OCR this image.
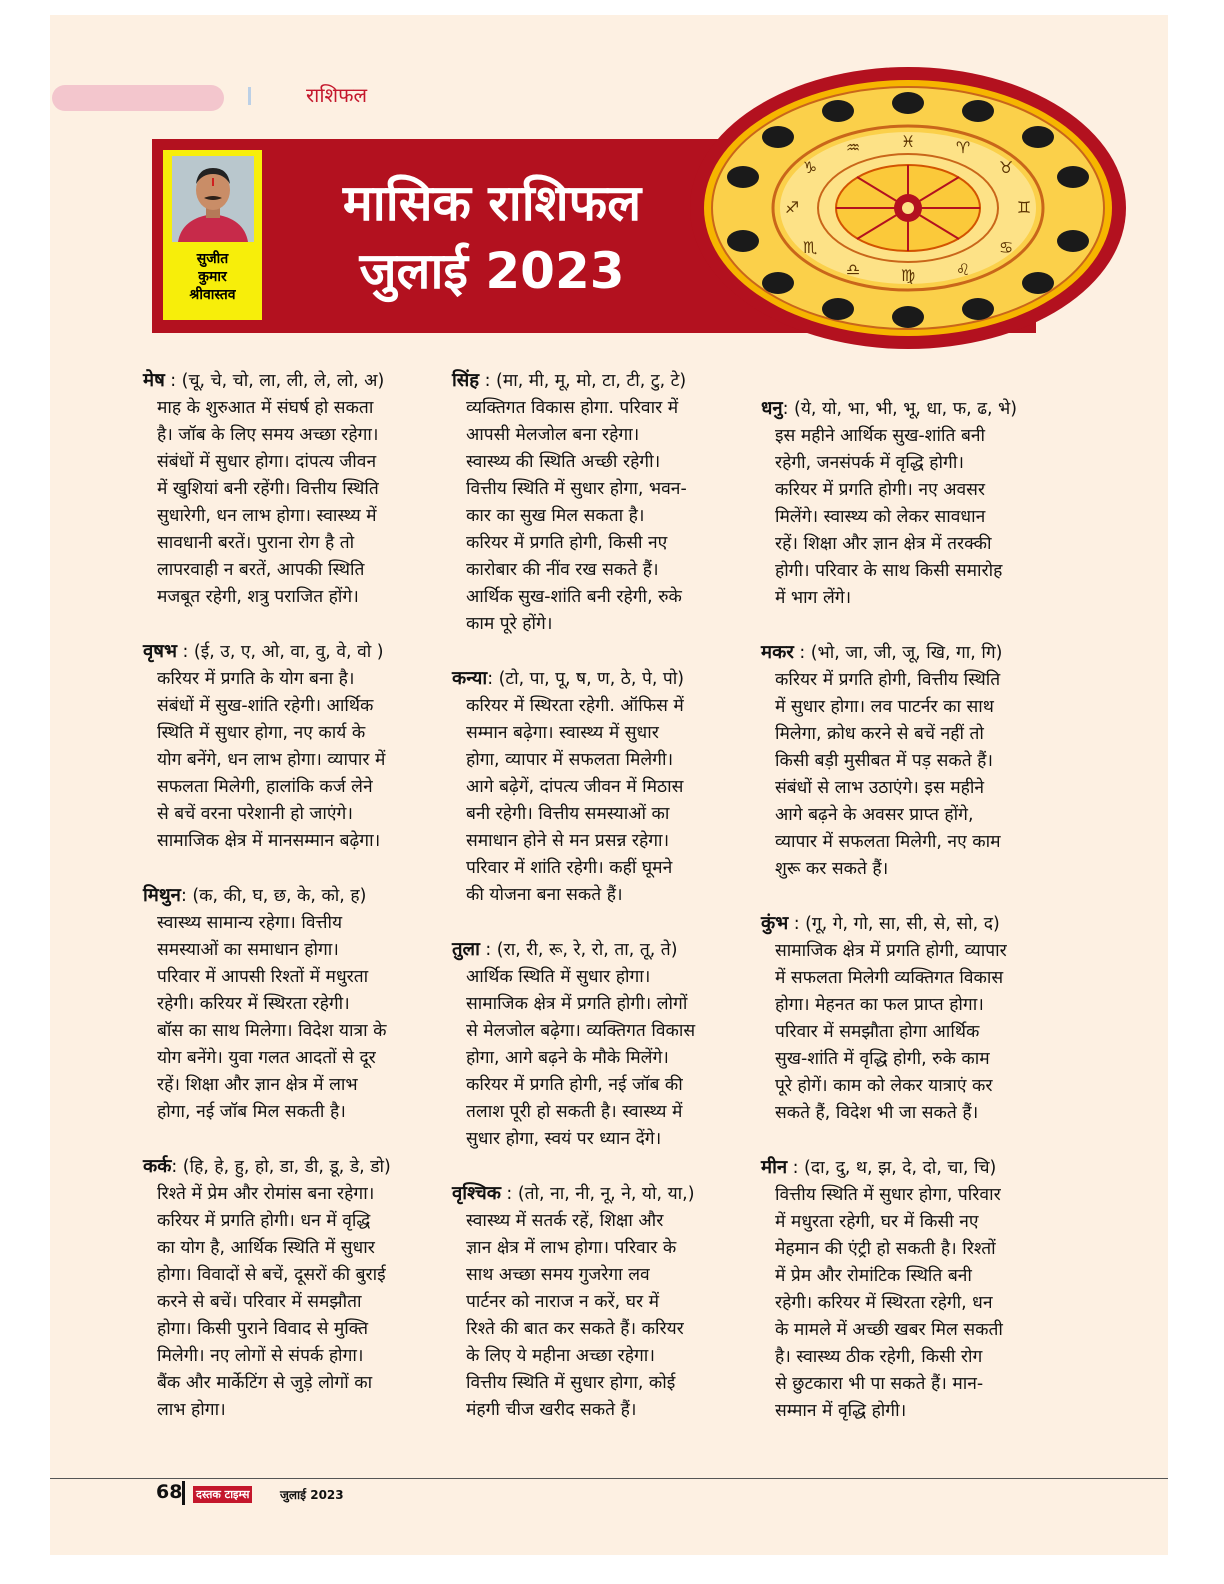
राशिफल
सुजीत
कुमार
श्रीवास्तव
मासिक राशिफल
जुलाई 2023
♓	♈
♉
♊
♋
♌
♍
♎
♏
♐
♑
♒
मेष : (चू, चे, चो, ला, ली, ले, लो, अ)
माह के शुरुआत में संघर्ष हो सकता
है। जॉब के लिए समय अच्छा रहेगा।
संबंधों में सुधार होगा। दांपत्य जीवन
में खुशियां बनी रहेंगी। वित्तीय स्थिति
सुधारेगी, धन लाभ होगा। स्वास्थ्य में
सावधानी बरतें। पुराना रोग है तो
लापरवाही न बरतें, आपकी स्थिति
मजबूत रहेगी, शत्रु पराजित होंगे।
वृषभ : (ई, उ, ए, ओ, वा, वु, वे, वो )
करियर में प्रगति के योग बना है।
संबंधों में सुख-शांति रहेगी। आर्थिक
स्थिति में सुधार होगा, नए कार्य के
योग बनेंगे, धन लाभ होगा। व्यापार में
सफलता मिलेगी, हालांकि कर्ज लेने
से बचें वरना परेशानी हो जाएंगे।
सामाजिक क्षेत्र में मानसम्मान बढ़ेगा।
मिथुन: (क, की, घ, छ, के, को, ह)
स्वास्थ्य सामान्य रहेगा। वित्तीय
समस्याओं का समाधान होगा।
परिवार में आपसी रिश्तों में मधुरता
रहेगी। करियर में स्थिरता रहेगी।
बॉस का साथ मिलेगा। विदेश यात्रा के
योग बनेंगे। युवा गलत आदतों से दूर
रहें। शिक्षा और ज्ञान क्षेत्र में लाभ
होगा, नई जॉब मिल सकती है।
कर्क: (हि, हे, हु, हो, डा, डी, डू, डे, डो)
रिश्ते में प्रेम और रोमांस बना रहेगा।
करियर में प्रगति होगी। धन में वृद्धि
का योग है, आर्थिक स्थिति में सुधार
होगा। विवादों से बचें, दूसरों की बुराई
करने से बचें। परिवार में समझौता
होगा। किसी पुराने विवाद से मुक्ति
मिलेगी। नए लोगों से संपर्क होगा।
बैंक और मार्केटिंग से जुड़े लोगों का
लाभ होगा।
सिंह : (मा, मी, मू, मो, टा, टी, टु, टे)
व्यक्तिगत विकास होगा. परिवार में
आपसी मेलजोल बना रहेगा।
स्वास्थ्य की स्थिति अच्छी रहेगी।
वित्तीय स्थिति में सुधार होगा, भवन-
कार का सुख मिल सकता है।
करियर में प्रगति होगी, किसी नए
कारोबार की नींव रख सकते हैं।
आर्थिक सुख-शांति बनी रहेगी, रुके
काम पूरे होंगे।
कन्या: (टो, पा, पू, ष, ण, ठे, पे, पो)
करियर में स्थिरता रहेगी. ऑफिस में
सम्मान बढ़ेगा। स्वास्थ्य में सुधार
होगा, व्यापार में सफलता मिलेगी।
आगे बढ़ेगें, दांपत्य जीवन में मिठास
बनी रहेगी। वित्तीय समस्याओं का
समाधान होने से मन प्रसन्न रहेगा।
परिवार में शांति रहेगी। कहीं घूमने
की योजना बना सकते हैं।
तुला : (रा, री, रू, रे, रो, ता, तू, ते)
आर्थिक स्थिति में सुधार होगा।
सामाजिक क्षेत्र में प्रगति होगी। लोगों
से मेलजोल बढ़ेगा। व्यक्तिगत विकास
होगा, आगे बढ़ने के मौके मिलेंगे।
करियर में प्रगति होगी, नई जॉब की
तलाश पूरी हो सकती है। स्वास्थ्य में
सुधार होगा, स्वयं पर ध्यान देंगे।
वृश्चिक : (तो, ना, नी, नू, ने, यो, या,)
स्वास्थ्य में सतर्क रहें, शिक्षा और
ज्ञान क्षेत्र में लाभ होगा। परिवार के
साथ अच्छा समय गुजरेगा लव
पार्टनर को नाराज न करें, घर में
रिश्ते की बात कर सकते हैं। करियर
के लिए ये महीना अच्छा रहेगा।
वित्तीय स्थिति में सुधार होगा, कोई
मंहगी चीज खरीद सकते हैं।
धनु: (ये, यो, भा, भी, भू, धा, फ, ढ, भे)
इस महीने आर्थिक सुख-शांति बनी
रहेगी, जनसंपर्क में वृद्धि होगी।
करियर में प्रगति होगी। नए अवसर
मिलेंगे। स्वास्थ्य को लेकर सावधान
रहें। शिक्षा और ज्ञान क्षेत्र में तरक्की
होगी। परिवार के साथ किसी समारोह
में भाग लेंगे।
मकर : (भो, जा, जी, जू, खि, गा, गि)
करियर में प्रगति होगी, वित्तीय स्थिति
में सुधार होगा। लव पाटर्नर का साथ
मिलेगा, क्रोध करने से बचें नहीं तो
किसी बड़ी मुसीबत में पड़ सकते हैं।
संबंधों से लाभ उठाएंगे। इस महीने
आगे बढ़ने के अवसर प्राप्त होंगे,
व्यापार में सफलता मिलेगी, नए काम
शुरू कर सकते हैं।
कुंभ : (गू, गे, गो, सा, सी, से, सो, द)
सामाजिक क्षेत्र में प्रगति होगी, व्यापार
में सफलता मिलेगी व्यक्तिगत विकास
होगा। मेहनत का फल प्राप्त होगा।
परिवार में समझौता होगा आर्थिक
सुख-शांति में वृद्धि होगी, रुके काम
पूरे होगें। काम को लेकर यात्राएं कर
सकते हैं, विदेश भी जा सकते हैं।
मीन : (दा, दु, थ, झ, दे, दो, चा, चि)
वित्तीय स्थिति में सुधार होगा, परिवार
में मधुरता रहेगी, घर में किसी नए
मेहमान की एंट्री हो सकती है। रिश्तों
में प्रेम और रोमांटिक स्थिति बनी
रहेगी। करियर में स्थिरता रहेगी, धन
के मामले में अच्छी खबर मिल सकती
है। स्वास्थ्य ठीक रहेगी, किसी रोग
से छुटकारा भी पा सकते हैं। मान-
सम्मान में वृद्धि होगी।
68 दस्तक टाइम्स	जुलाई 2023
